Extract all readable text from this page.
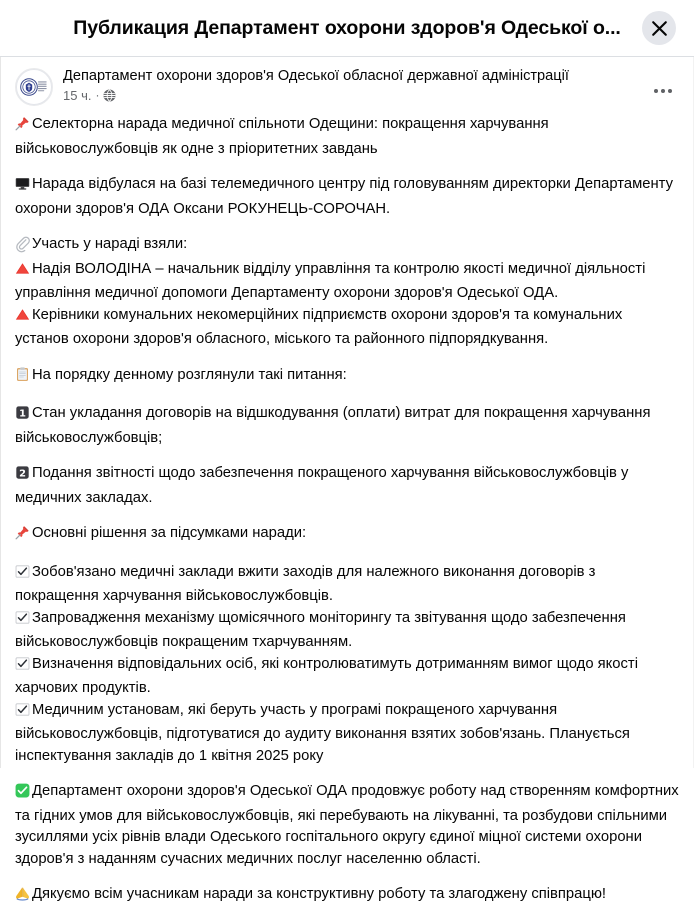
Публикация Департамент охорони здоров'я Одеської о...
Департамент охорони здоров'я Одеської обласної державної адміністрації
15 ч. ·
Селекторна нарада медичної спільноти Одещини: покращення харчування військовослужбовців як одне з пріоритетних завдань
Нарада відбулася на базі телемедичного центру під головуванням директорки Департаменту охорони здоров'я ОДА Оксани РОКУНЕЦЬ-СОРОЧАН.
Участь у нараді взяли:
Надія ВОЛОДІНА – начальник відділу управління та контролю якості медичної діяльності управління медичної допомоги Департаменту охорони здоров'я Одеської ОДА.
Керівники комунальних некомерційних підприємств охорони здоров'я та комунальних установ охорони здоров'я обласного, міського та районного підпорядкування.
На порядку денному розглянули такі питання:
1 Стан укладання договорів на відшкодування (оплати) витрат для покращення харчування військовослужбовців;
2 Подання звітності щодо забезпечення покращеного харчування військовослужбовців у медичних закладах.
Основні рішення за підсумками наради:
Зобов'язано медичні заклади вжити заходів для належного виконання договорів з покращення харчування військовослужбовців.
Запровадження механізму щомісячного моніторингу та звітування щодо забезпечення військовослужбовців покращеним тхарчуванням.
Визначення відповідальних осіб, які контролюватимуть дотриманням вимог щодо якості харчових продуктів.
Медичним установам, які беруть участь у програмі покращеного харчування військовослужбовців, підготуватися до аудиту виконання взятих зобов'язань. Планується інспектування закладів до 1 квітня 2025 року
Департамент охорони здоров'я Одеської ОДА продовжує роботу над створенням комфортних та гідних умов для військовослужбовців, які перебувають на лікуванні, та розбудови спільними зусиллями усіх рівнів влади Одеського госпітального округу єдиної міцної системи охорони здоров'я з наданням сучасних медичних послуг населенню області.
Дякуємо всім учасникам наради за конструктивну роботу та злагоджену співпрацю!
